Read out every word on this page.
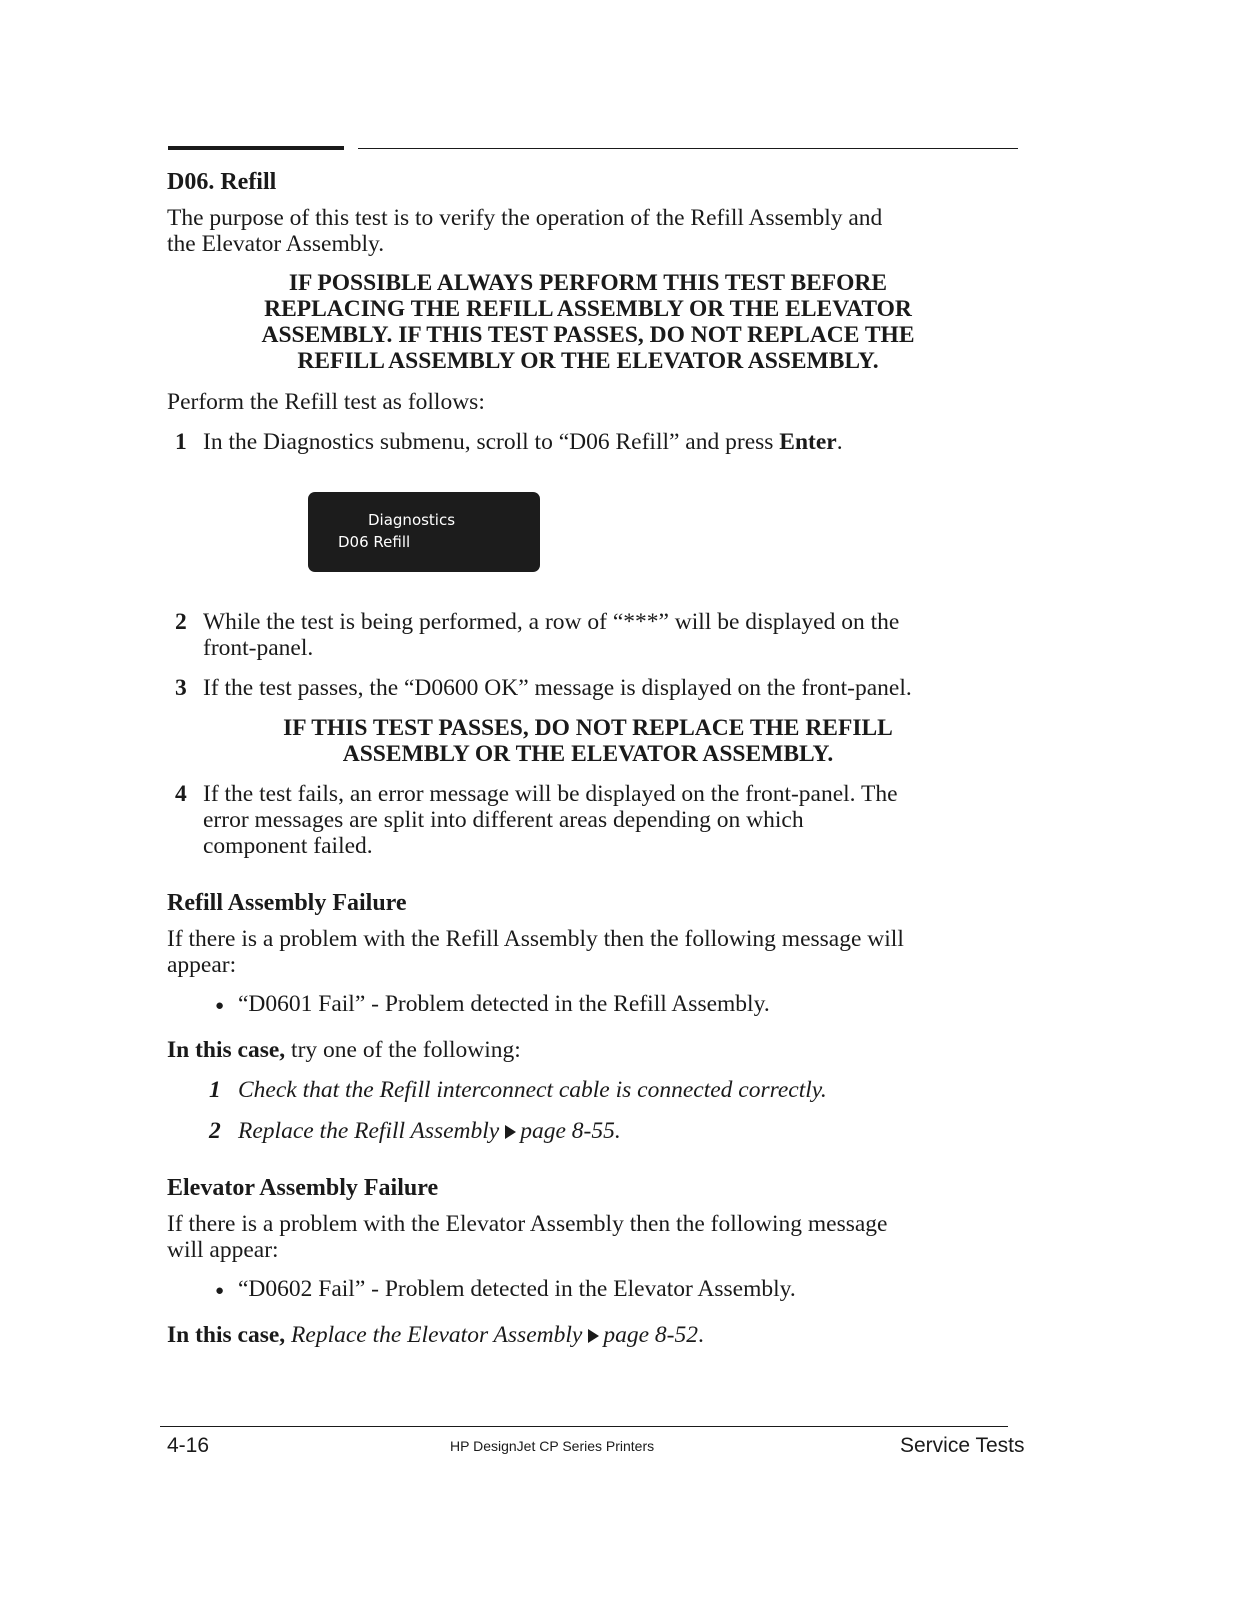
D06. Refill
The purpose of this test is to verify the operation of the Refill Assembly and
the Elevator Assembly.
IF POSSIBLE ALWAYS PERFORM THIS TEST BEFORE
REPLACING THE REFILL ASSEMBLY OR THE ELEVATOR
ASSEMBLY. IF THIS TEST PASSES, DO NOT REPLACE THE
REFILL ASSEMBLY OR THE ELEVATOR ASSEMBLY.
Perform the Refill test as follows:
1 In the Diagnostics submenu, scroll to “D06 Refill” and press Enter.
Diagnostics
D06 Refill
2 While the test is being performed, a row of “***” will be displayed on the
front-panel.
3 If the test passes, the “D0600 OK” message is displayed on the front-panel.
IF THIS TEST PASSES, DO NOT REPLACE THE REFILL
ASSEMBLY OR THE ELEVATOR ASSEMBLY.
4 If the test fails, an error message will be displayed on the front-panel. The
error messages are split into different areas depending on which
component failed.
Refill Assembly Failure
If there is a problem with the Refill Assembly then the following message will
appear:
● “D0601 Fail” - Problem detected in the Refill Assembly.
In this case, try one of the following:
1 Check that the Refill interconnect cable is connected correctly.
2 Replace the Refill Assembly page 8-55.
Elevator Assembly Failure
If there is a problem with the Elevator Assembly then the following message
will appear:
● “D0602 Fail” - Problem detected in the Elevator Assembly.
In this case, Replace the Elevator Assembly page 8-52.
4-16	HP DesignJet CP Series Printers	Service Tests
